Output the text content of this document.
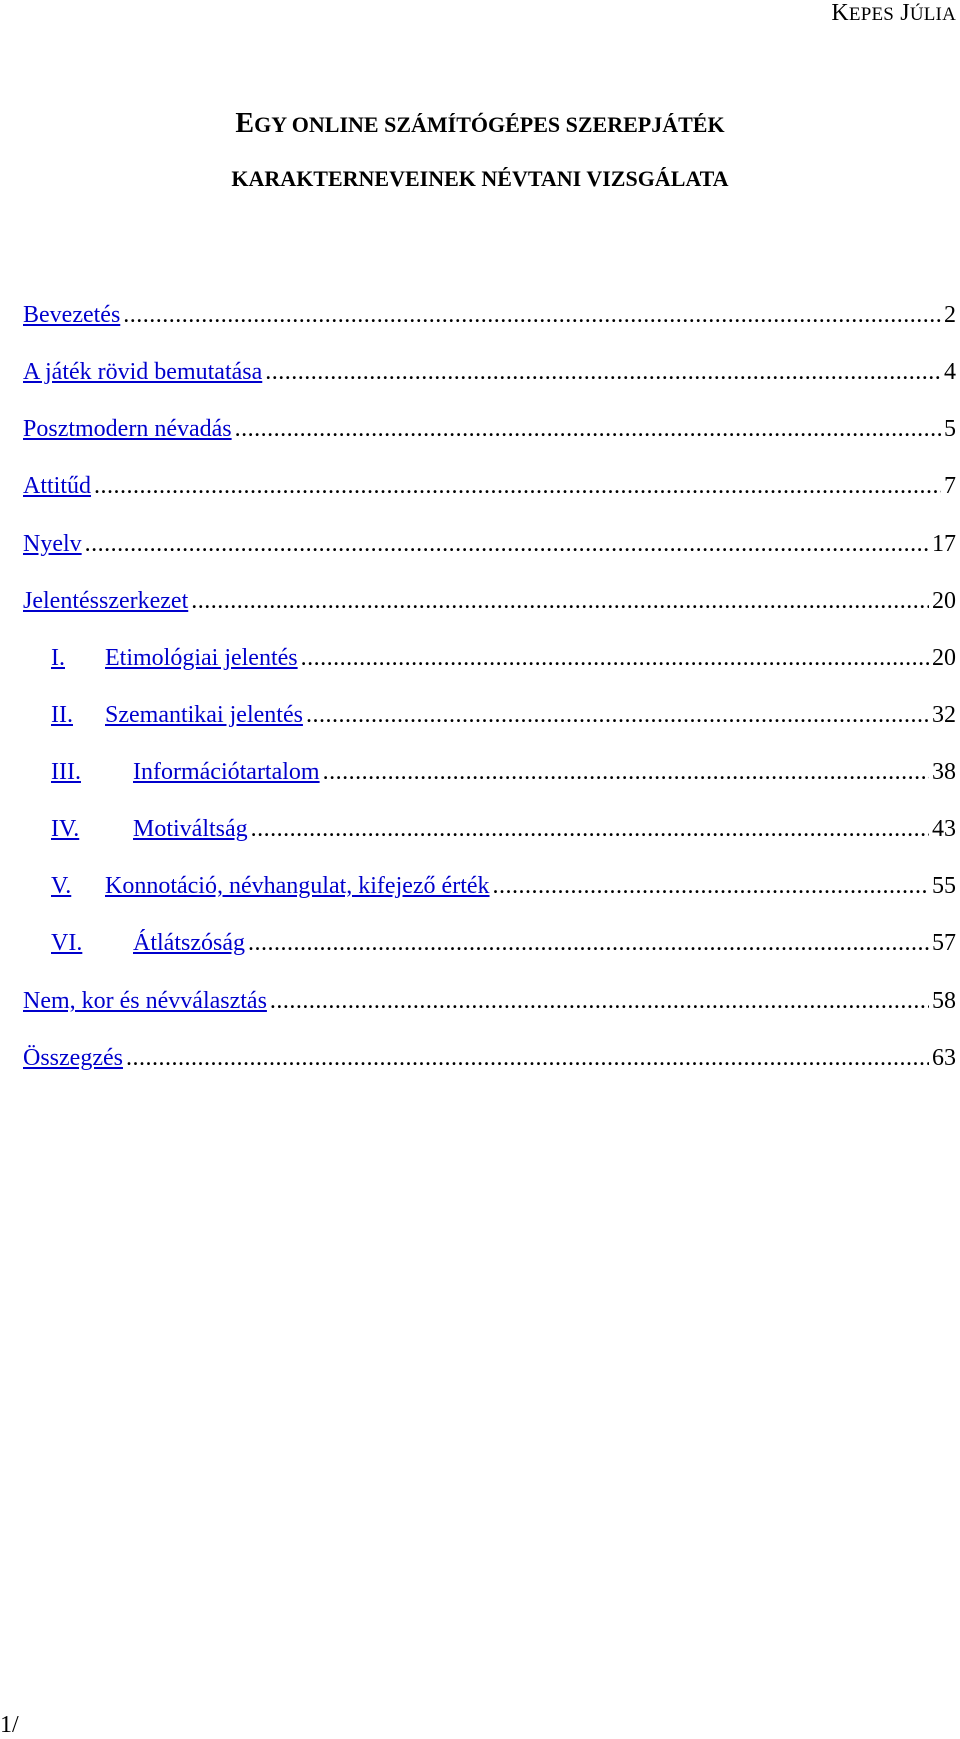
KEPES JÚLIA
EGY ONLINE SZÁMÍTÓGÉPES SZEREPJÁTÉK
KARAKTERNEVEINEK NÉVTANI VIZSGÁLATA
Bevezetés .....	2
A játék rövid bemutatása .....	4
Posztmodern névadás .....	5
Attitűd .....	7
Nyelv .....	17
Jelentésszerkezet .....	20
I.	Etimológiai jelentés .....	20
II.	Szemantikai jelentés .....	32
III.	Információtartalom .....	38
IV.	Motiváltság .....	43
V.	Konnotáció, névhangulat, kifejező érték .....	55
VI.	Átlátszóság .....	57
Nem, kor és névválasztás .....	58
Összegzés .....	63
1/
